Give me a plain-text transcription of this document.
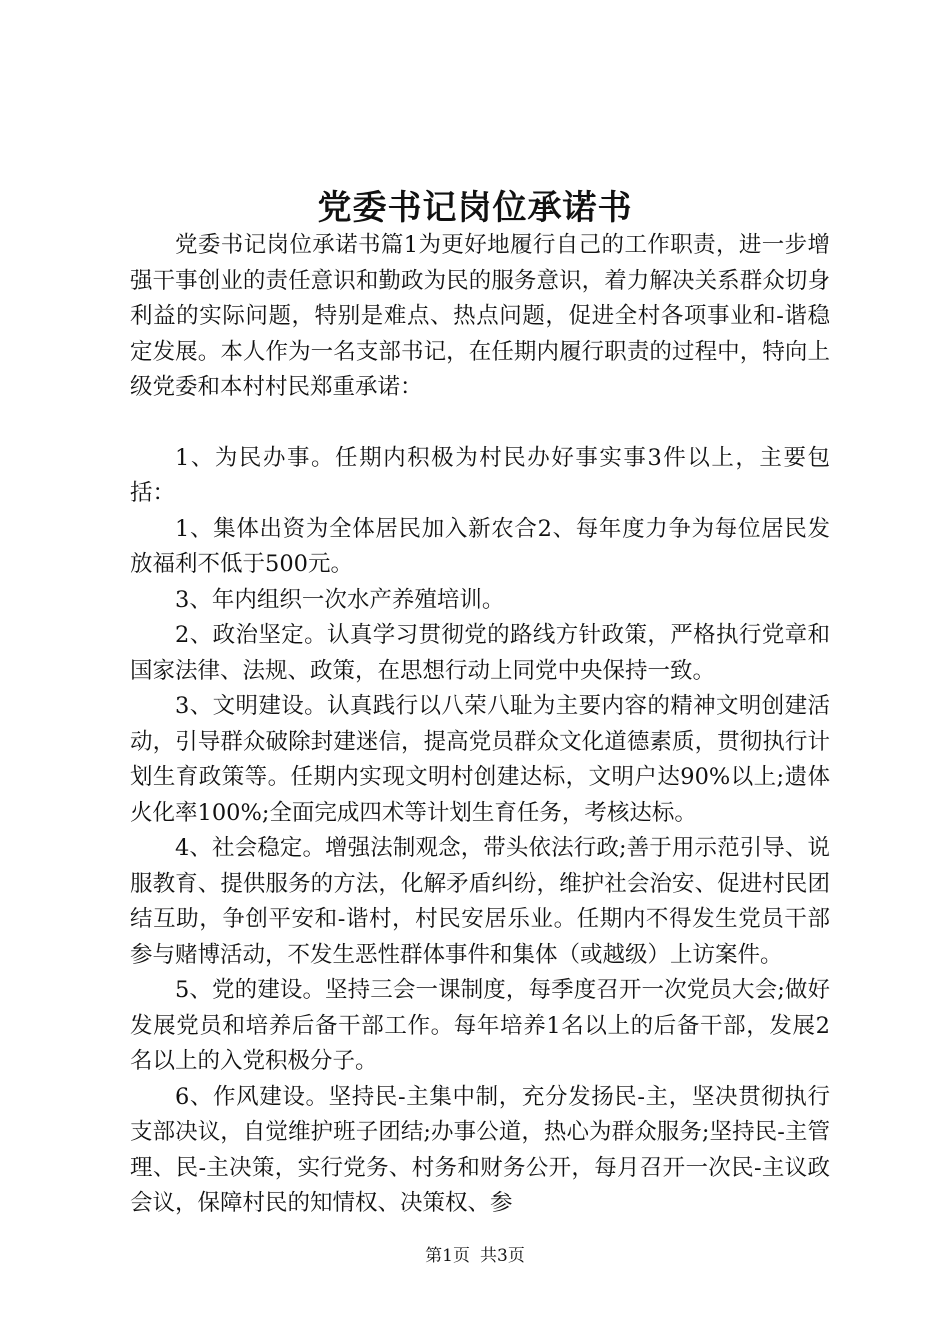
党委书记岗位承诺书

党委书记岗位承诺书篇1为更好地履行自己的工作职责，进一步增强干事创业的责任意识和勤政为民的服务意识，着力解决关系群众切身利益的实际问题，特别是难点、热点问题，促进全村各项事业和-谐稳定发展。本人作为一名支部书记，在任期内履行职责的过程中，特向上级党委和本村村民郑重承诺：

1、为民办事。任期内积极为村民办好事实事3件以上，主要包括：

1、集体出资为全体居民加入新农合2、每年度力争为每位居民发放福利不低于500元。

3、年内组织一次水产养殖培训。

2、政治坚定。认真学习贯彻党的路线方针政策，严格执行党章和国家法律、法规、政策，在思想行动上同党中央保持一致。

3、文明建设。认真践行以八荣八耻为主要内容的精神文明创建活动，引导群众破除封建迷信，提高党员群众文化道德素质，贯彻执行计划生育政策等。任期内实现文明村创建达标，文明户达90%以上;遗体火化率100%;全面完成四术等计划生育任务，考核达标。

4、社会稳定。增强法制观念，带头依法行政;善于用示范引导、说服教育、提供服务的方法，化解矛盾纠纷，维护社会治安、促进村民团结互助，争创平安和-谐村，村民安居乐业。任期内不得发生党员干部参与赌博活动，不发生恶性群体事件和集体（或越级）上访案件。

5、党的建设。坚持三会一课制度，每季度召开一次党员大会;做好发展党员和培养后备干部工作。每年培养1名以上的后备干部，发展2名以上的入党积极分子。

6、作风建设。坚持民-主集中制，充分发扬民-主，坚决贯彻执行支部决议，自觉维护班子团结;办事公道，热心为群众服务;坚持民-主管理、民-主决策，实行党务、村务和财务公开，每月召开一次民-主议政会议，保障村民的知情权、决策权、参

第1页 共3页
